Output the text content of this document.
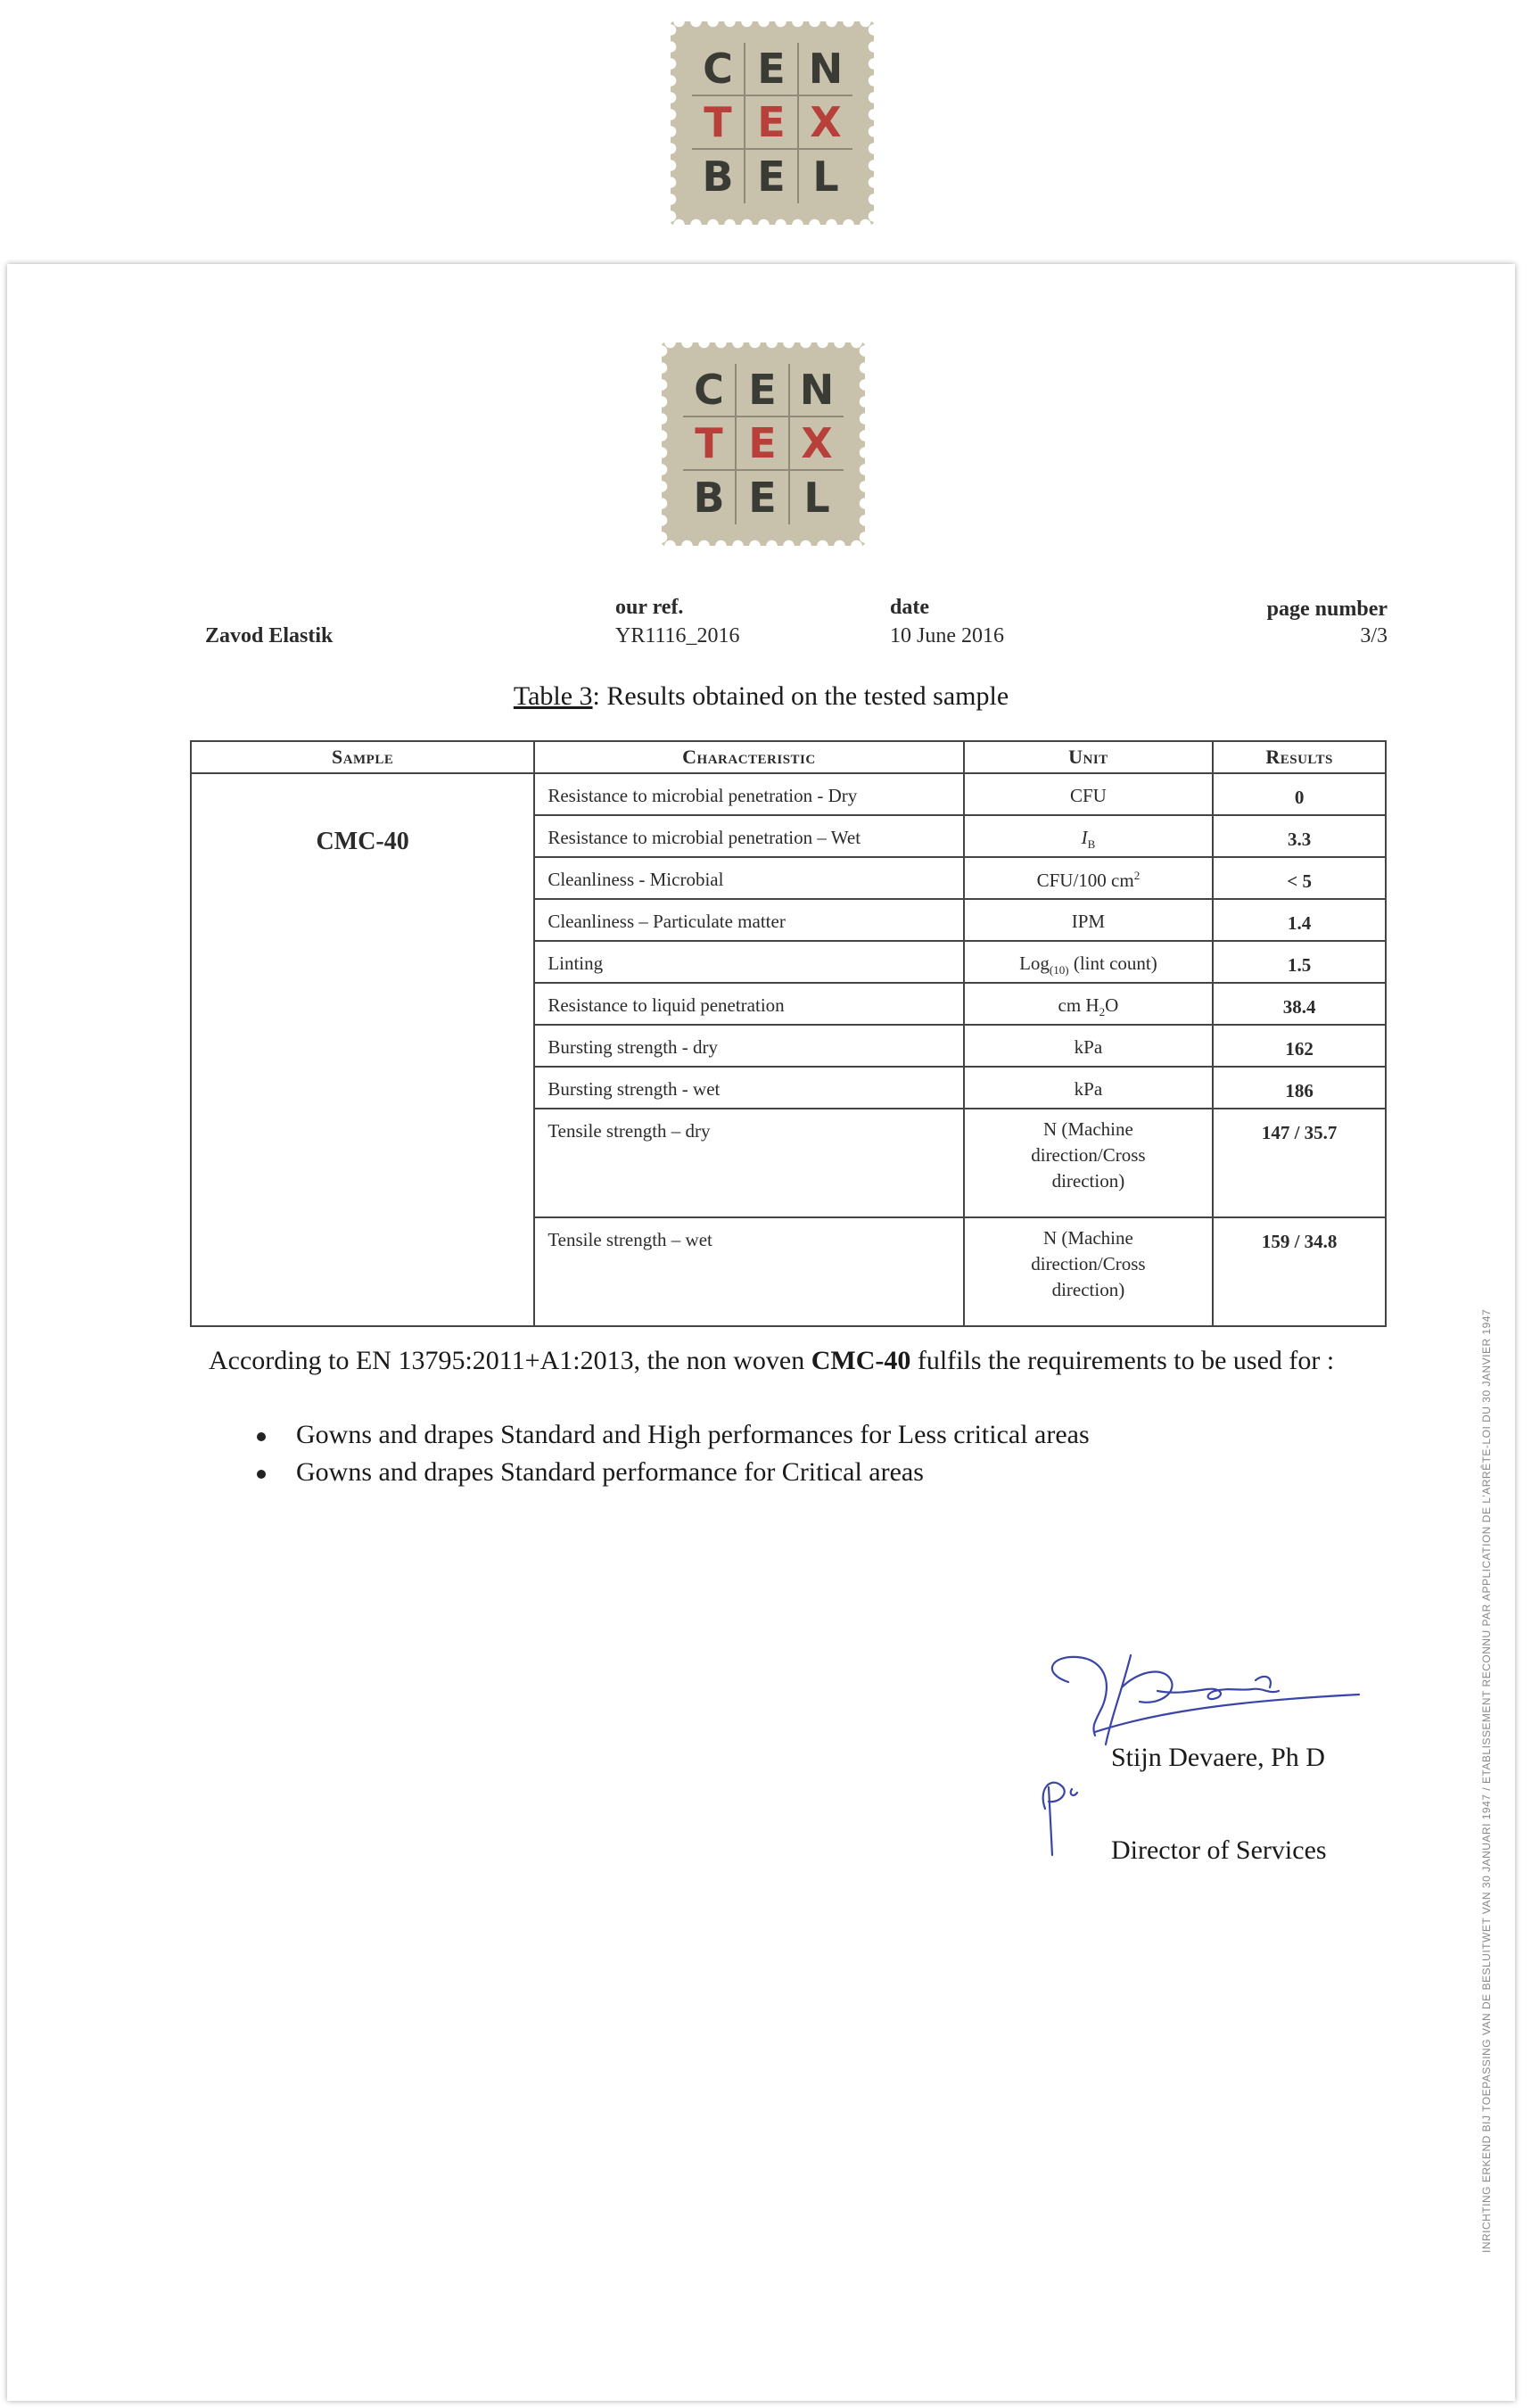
C E N
T E X
B E L
C E N
T E X
B E L
Zavod Elastik
our ref.
YR1116_2016
date
10 June 2016
page number
3/3
Table 3: Results obtained on the tested sample
Sample	Characteristic	Unit	Results
CMC-40	Resistance to microbial penetration - Dry	CFU	0
	Resistance to microbial penetration – Wet	$I_B$	3.3
	Cleanliness - Microbial	CFU/100 $cm^2$	< 5
	Cleanliness – Particulate matter	IPM	1.4
	Linting	Log$_{(10)}$ (lint count)	1.5
	Resistance to liquid penetration	cm $H_2O$	38.4
	Bursting strength - dry	kPa	162
	Bursting strength - wet	kPa	186
	Tensile strength – dry	N (Machine
direction/Cross
direction)	147 / 35.7
	Tensile strength – wet	N (Machine
direction/Cross
direction)	159 / 34.8
According to EN 13795:2011+A1:2013, the non woven CMC-40 fulfils the requirements to be used for :
Gowns and drapes Standard and High performances for Less critical areas
Gowns and drapes Standard performance for Critical areas
Stijn Devaere, Ph D
Director of Services	INRICHTING ERKEND BIJ TOEPASSING VAN DE BESLUITWET VAN 30 JANUARI 1947 / ETABLISSEMENT RECONNU PAR APPLICATION DE L'ARRÊTE-LOI DU 30 JANVIER 1947
